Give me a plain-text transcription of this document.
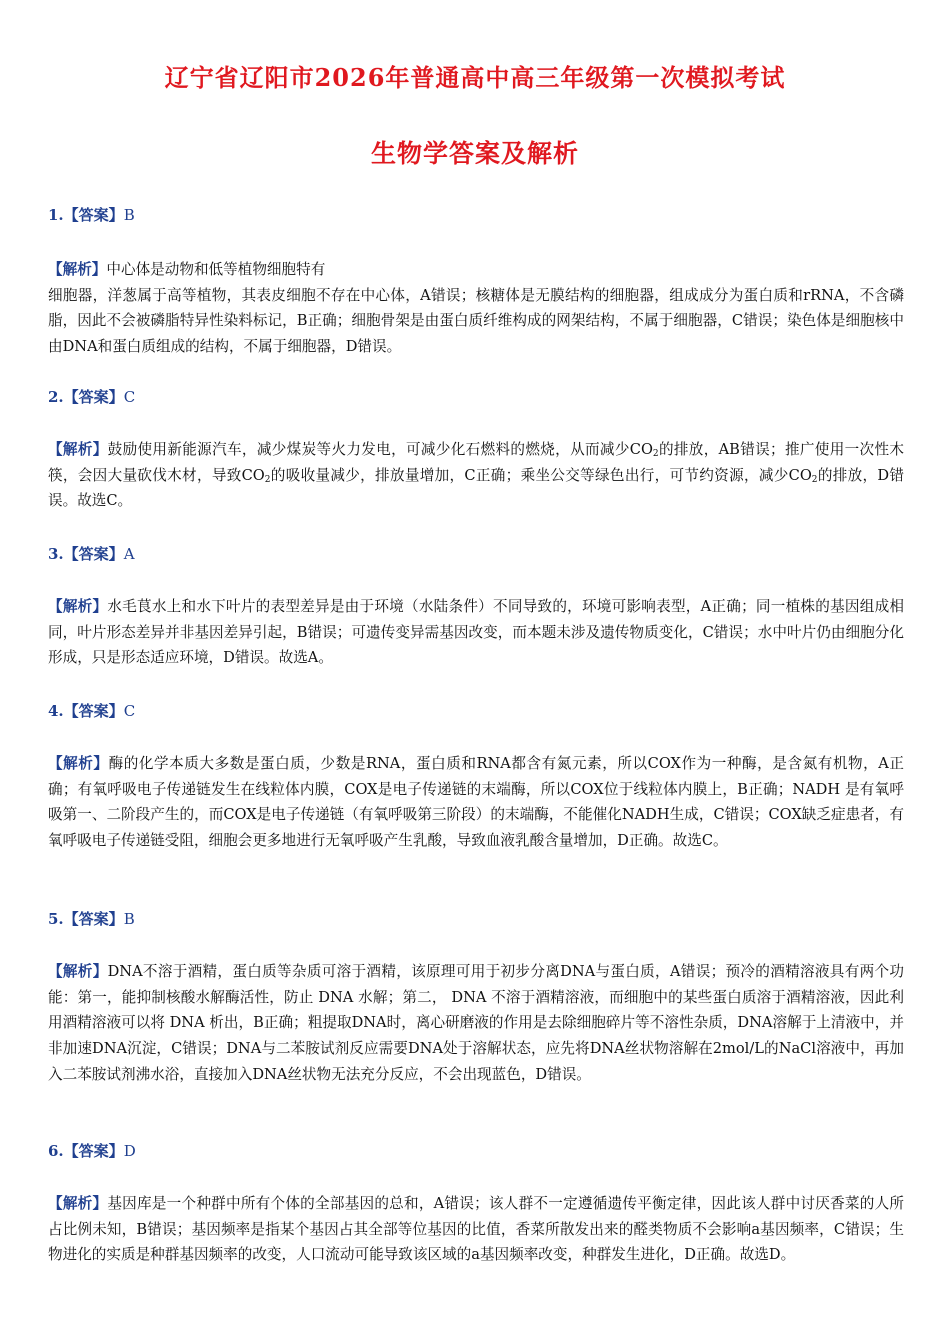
辽宁省辽阳市2026年普通高中高三年级第一次模拟考试
生物学答案及解析

1.【答案】B

【解析】中心体是动物和低等植物细胞特有
细胞器，洋葱属于高等植物，其表皮细胞不存在中心体，A错误；核糖体是无膜结构的细胞器，组成成分为蛋白质和rRNA，不含磷脂，因此不会被磷脂特异性染料标记，B正确；细胞骨架是由蛋白质纤维构成的网架结构，不属于细胞器，C错误；染色体是细胞核中由DNA和蛋白质组成的结构，不属于细胞器，D错误。

2.【答案】C

【解析】鼓励使用新能源汽车，减少煤炭等火力发电，可减少化石燃料的燃烧，从而减少$CO_2$的排放，AB错误；推广使用一次性木筷，会因大量砍伐木材，导致$CO_2$的吸收量减少，排放量增加，C正确；乘坐公交等绿色出行，可节约资源，减少$CO_2$的排放，D错误。故选C。

3.【答案】A

【解析】水毛茛水上和水下叶片的表型差异是由于环境（水陆条件）不同导致的，环境可影响表型，A正确；同一植株的基因组成相同，叶片形态差异并非基因差异引起，B错误；可遗传变异需基因改变，而本题未涉及遗传物质变化，C错误；水中叶片仍由细胞分化形成，只是形态适应环境，D错误。故选A。

4.【答案】C

【解析】酶的化学本质大多数是蛋白质，少数是RNA，蛋白质和RNA都含有氮元素，所以COX作为一种酶，是含氮有机物，A正确；有氧呼吸电子传递链发生在线粒体内膜，COX是电子传递链的末端酶，所以COX位于线粒体内膜上，B正确；NADH 是有氧呼吸第一、二阶段产生的，而COX是电子传递链（有氧呼吸第三阶段）的末端酶，不能催化NADH生成，C错误；COX缺乏症患者，有氧呼吸电子传递链受阻，细胞会更多地进行无氧呼吸产生乳酸，导致血液乳酸含量增加，D正确。故选C。

5.【答案】B

【解析】DNA不溶于酒精，蛋白质等杂质可溶于酒精，该原理可用于初步分离DNA与蛋白质，A错误；预冷的酒精溶液具有两个功能：第一，能抑制核酸水解酶活性，防止 DNA 水解；第二， DNA 不溶于酒精溶液，而细胞中的某些蛋白质溶于酒精溶液，因此利用酒精溶液可以将 DNA 析出，B正确；粗提取DNA时，离心研磨液的作用是去除细胞碎片等不溶性杂质，DNA溶解于上清液中，并非加速DNA沉淀，C错误；DNA与二苯胺试剂反应需要DNA处于溶解状态，应先将DNA丝状物溶解在2mol/L的NaCl溶液中，再加入二苯胺试剂沸水浴，直接加入DNA丝状物无法充分反应，不会出现蓝色，D错误。

6.【答案】D

【解析】基因库是一个种群中所有个体的全部基因的总和，A错误；该人群不一定遵循遗传平衡定律，因此该人群中讨厌香菜的人所占比例未知，B错误；基因频率是指某个基因占其全部等位基因的比值，香菜所散发出来的醛类物质不会影响a基因频率，C错误；生物进化的实质是种群基因频率的改变，人口流动可能导致该区域的a基因频率改变，种群发生进化，D正确。故选D。
